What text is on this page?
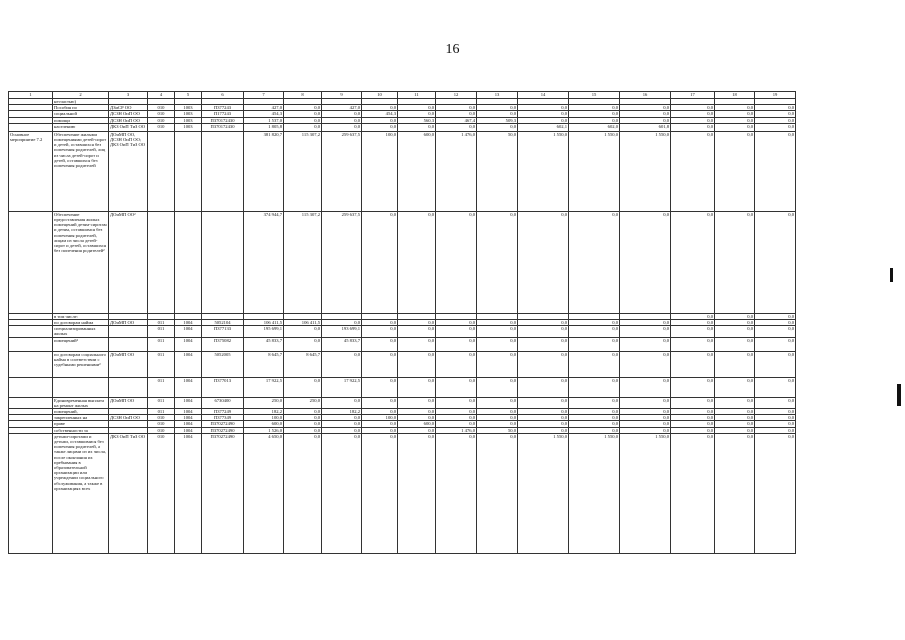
16
1	2	3	4	5	6	7	8	9	10	11	12	13	14	15	16	17	18	19
	несчастью)																	
	Пособия по	ДЗиСР ОО	010	1003	П377243	427,0	0,0	427,0	0,0	0,0	0,0	0,0	0,0	0,0	0,0	0,0	0,0	0,0
	социальной	ДСЗН ОиП ОО	010	1003	П177243	454,3	0,0	0,0	454,3	0,0	0,0	0,0	0,0	0,0	0,0	0,0	0,0	0,0
	помощи	ДСЗН ОиП ОО	010	1003	П370172430	1 537,0	0,0	0,0	0,0	560,3	467,4	509,3	0,0	0,0	0,0	0,0	0,0	0,0
	населению	ДКЗ ОиП ТиЗ ОО	010	1003	П370172430	1 805,8	0,0	0,0	0,0	0,0	0,0	0,0	602,1	602,0	601,8	0,0	0,0	0,0
Основное мероприятие 7.2	Обеспечение жилыми помещениями детей-сирот и детей, оставшихся без попечения родителей, лиц из числа детей-сирот и детей, оставшихся без попечения родителей	ДОиМП ОО, ДСЗН ОиП ОО; ДКЗ ОиП ТиЗ ОО				381 820,7	115 307,2	259 637,5	100,0	600,0	1 476,0	50,0	1 550,0	1 550,0	1 550,0	0,0	0,0	0,0
	Обеспечение предоставления жилых помещений детям-сиротам и детям, оставшимся без попечения родителей, лицам из числа детей-сирот и детей, оставшихся без попечения родителей²	ДОиМП ОО²				374 944,7	115 307,2	259 637,5	0,0	0,0	0,0	0,0	0,0	0,0	0,0	0,0	0,0	0,0
	в том числе:															0,0	0,0	0,0
	по договорам найма	ДОиМП ОО	011	1004	5052104	106 411,5	106 411,5	0,0	0,0	0,0	0,0	0,0	0,0	0,0	0,0	0,0	0,0	0,0
	специализированных жилых		011	1004	П377133	195 699,1	0,0	193 699,1	0,0	0,0	0,0	0,0	0,0	0,0	0,0	0,0	0,0	0,0
	помещений³		011	1004	П375082	45 833,7	0,0	45 833,7	0,0	0,0	0,0	0,0	0,0	0,0	0,0	0,0	0,0	0,0
	по договорам социального найма в соответствии с судебными решениями³	ДОиМП ОО	011	1004	5052005	8 645,7	8 645,7	0,0	0,0	0,0	0,0	0,0	0,0	0,0	0,0	0,0	0,0	0,0
			011	1004	П377013	17 922,5	0,0	17 922,5	0,0	0,0	0,0	0,0	0,0	0,0	0,0	0,0	0,0	0,0
	Единовременная выплата на ремонт жилых	ДОиМП ОО	011	1004	6730400	250,0	250,0	0,0	0,0	0,0	0,0	0,0	0,0	0,0	0,0	0,0	0,0	0,0
	помещений,		011	1004	П377249	182,2	0,0	182,2	0,0	0,0	0,0	0,0	0,0	0,0	0,0	0,0	0,0	0,0
	закрепленных на	ДСЗН ОиП ОО	010	1004	П377349	100,0	0,0	0,0	100,0	0,0	0,0	0,0	0,0	0,0	0,0	0,0	0,0	0,0
	праве		010	1004	П370272490	600,0	0,0	0,0	0,0	600,0	0,0	0,0	0,0	0,0	0,0	0,0	0,0	0,0
	собственности за		010	1004	П370272490	1 526,0	0,0	0,0	0,0	0,0	1 476,0	50,0	0,0	0,0	0,0	0,0	0,0	0,0
	детьми-сиротами и детьми, оставшимися без попечения родителей, а также лицами из их числа, после окончания их пребывания в образовательной организации или учреждении социального обслуживания, а также в организациях всех	ДКЗ ОиП ТиЗ ОО	010	1004	П370272490	4 650,0	0,0	0,0	0,0	0,0	0,0	0,0	1 550,0	1 550,0	1 550,0	0,0	0,0	0,0
